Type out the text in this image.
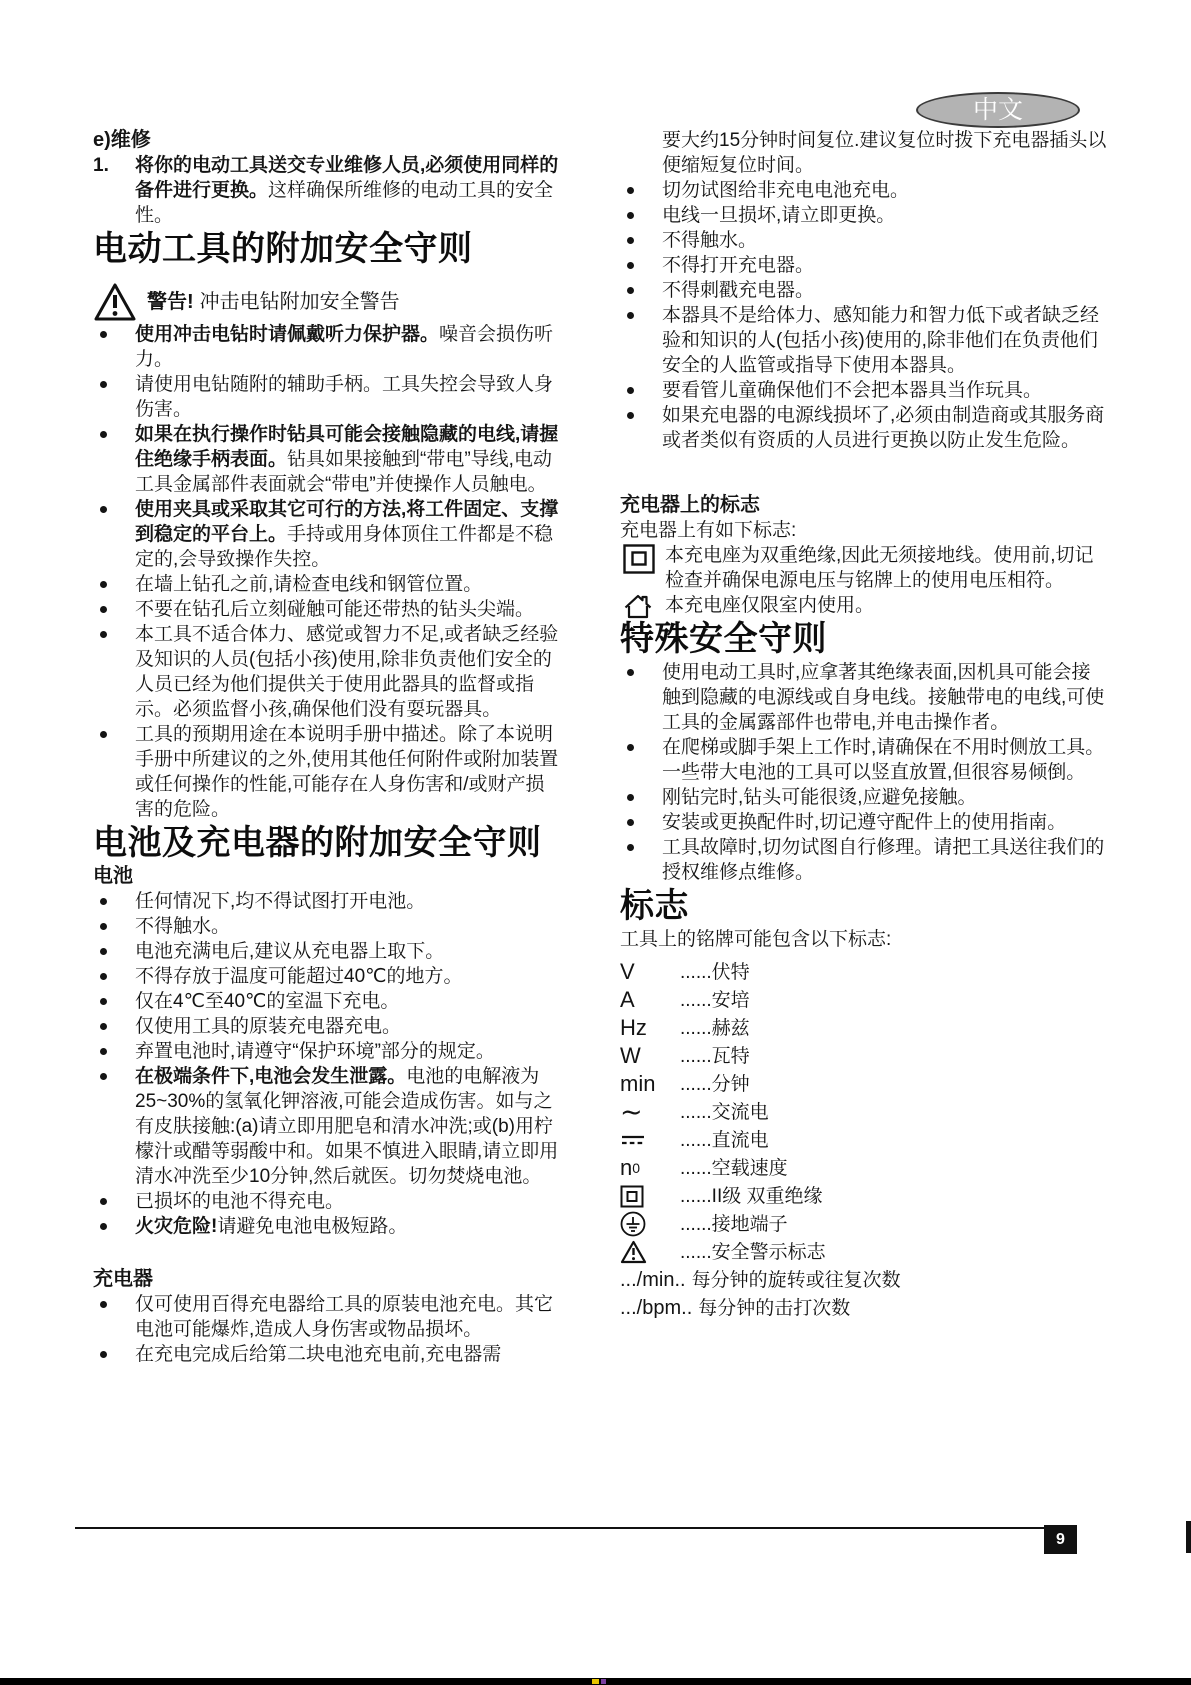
中文
e)维修
1.	将你的电动工具送交专业维修人员,必须使用同样的备件进行更换。这样确保所维修的电动工具的安全性。
电动工具的附加安全守则
警告! 冲击电钻附加安全警告
使用冲击电钻时请佩戴听力保护器。噪音会损伤听力。
请使用电钻随附的辅助手柄。工具失控会导致人身伤害。
如果在执行操作时钻具可能会接触隐藏的电线,请握住绝缘手柄表面。钻具如果接触到“带电”导线,电动工具金属部件表面就会“带电”并使操作人员触电。
使用夹具或采取其它可行的方法,将工件固定、支撑到稳定的平台上。手持或用身体顶住工件都是不稳定的,会导致操作失控。
在墙上钻孔之前,请检查电线和钢管位置。
不要在钻孔后立刻碰触可能还带热的钻头尖端。
本工具不适合体力、感觉或智力不足,或者缺乏经验及知识的人员(包括小孩)使用,除非负责他们安全的人员已经为他们提供关于使用此器具的监督或指示。必须监督小孩,确保他们没有耍玩器具。
工具的预期用途在本说明手册中描述。除了本说明手册中所建议的之外,使用其他任何附件或附加装置或任何操作的性能,可能存在人身伤害和/或财产损害的危险。
电池及充电器的附加安全守则
电池
任何情况下,均不得试图打开电池。
不得触水。
电池充满电后,建议从充电器上取下。
不得存放于温度可能超过40℃的地方。
仅在4℃至40℃的室温下充电。
仅使用工具的原装充电器充电。
弃置电池时,请遵守“保护环境”部分的规定。
在极端条件下,电池会发生泄露。电池的电解液为25~30%的氢氧化钾溶液,可能会造成伤害。如与之有皮肤接触:(a)请立即用肥皂和清水冲洗;或(b)用柠檬汁或醋等弱酸中和。如果不慎进入眼睛,请立即用清水冲洗至少10分钟,然后就医。切勿焚烧电池。
已损坏的电池不得充电。
火灾危险!请避免电池电极短路。
充电器
仅可使用百得充电器给工具的原装电池充电。其它电池可能爆炸,造成人身伤害或物品损坏。
在充电完成后给第二块电池充电前,充电器需

要大约15分钟时间复位.建议复位时拨下充电器插头以便缩短复位时间。

切勿试图给非充电电池充电。
电线一旦损坏,请立即更换。
不得触水。
不得打开充电器。
不得刺戳充电器。
本器具不是给体力、感知能力和智力低下或者缺乏经验和知识的人(包括小孩)使用的,除非他们在负责他们安全的人监管或指导下使用本器具。
要看管儿童确保他们不会把本器具当作玩具。
如果充电器的电源线损坏了,必须由制造商或其服务商或者类似有资质的人员进行更换以防止发生危险。
充电器上的标志

充电器上有如下标志:

本充电座为双重绝缘,因此无须接地线。使用前,切记检查并确保电源电压与铭牌上的使用电压相符。
本充电座仅限室内使用。
特殊安全守则
使用电动工具时,应拿著其绝缘表面,因机具可能会接触到隐藏的电源线或自身电线。接触带电的电线,可使工具的金属露部件也带电,并电击操作者。
在爬梯或脚手架上工作时,请确保在不用时侧放工具。一些带大电池的工具可以竖直放置,但很容易倾倒。
刚钻完时,钻头可能很烫,应避免接触。
安装或更换配件时,切记遵守配件上的使用指南。
工具故障时,切勿试图自行修理。请把工具送往我们的授权维修点维修。
标志

工具上的铭牌可能包含以下标志:

V	......伏特
A	......安培
Hz	......赫兹
W	......瓦特
min	......分钟
∼	......交流电
......直流电
n 0 ......空载速度
......II级 双重绝缘
......接地端子
......安全警示标志
.../min.. 每分钟的旋转或往复次数
.../bpm.. 每分钟的击打次数
9
